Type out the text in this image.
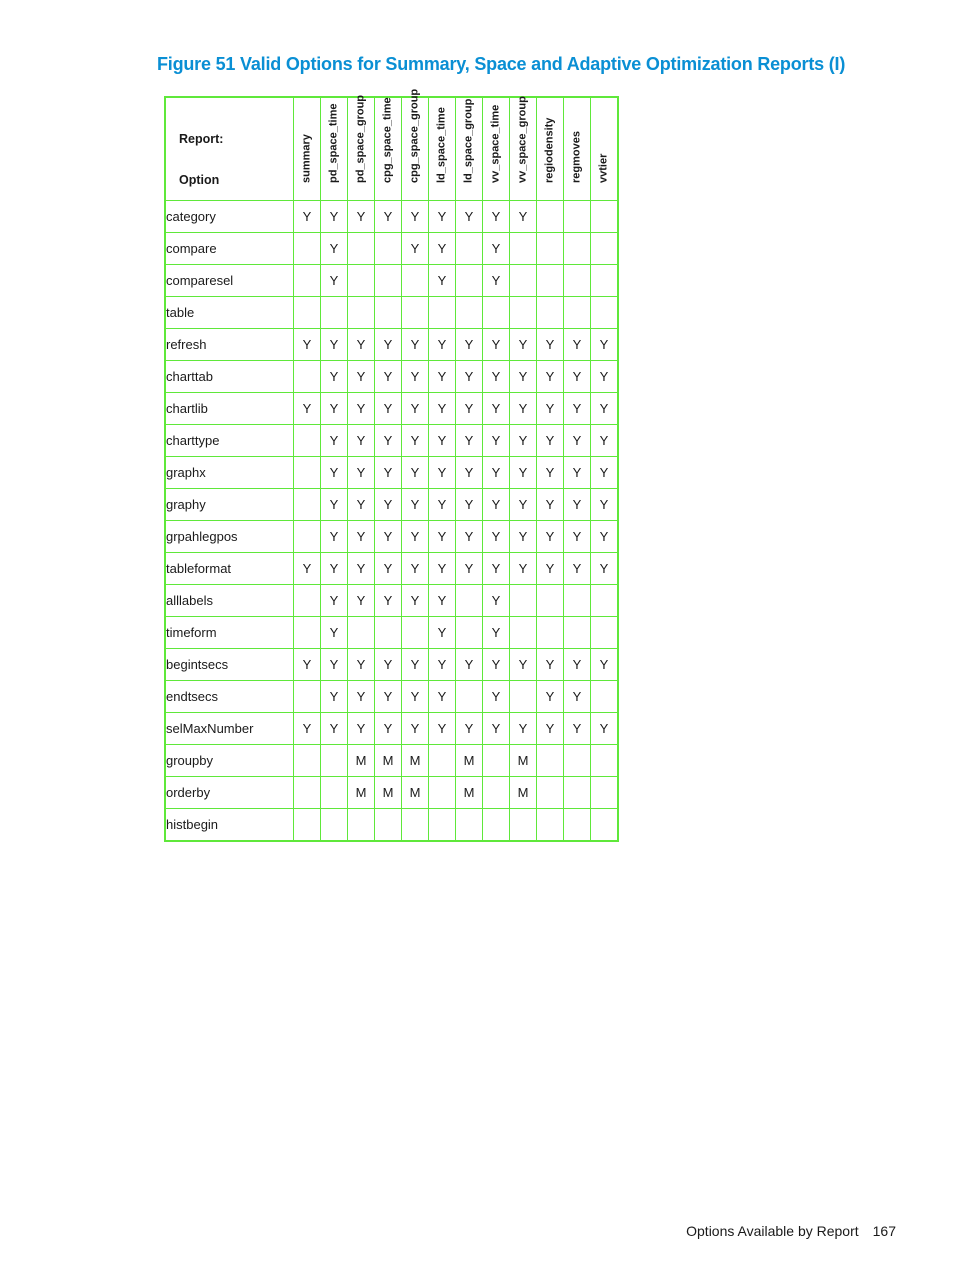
Figure 51 Valid Options for Summary, Space and Adaptive Optimization Reports (I)
Report:
Option	summary	pd_space_time	pd_space_group	cpg_space_time	cpg_space_group	ld_space_time	ld_space_group	vv_space_time	vv_space_group	regiodensity	regmoves	vvtier

category	Y	Y	Y	Y	Y	Y	Y	Y	Y			
compare		Y			Y	Y		Y				
comparesel		Y				Y		Y				
table												
refresh	Y	Y	Y	Y	Y	Y	Y	Y	Y	Y	Y	Y
charttab		Y	Y	Y	Y	Y	Y	Y	Y	Y	Y	Y
chartlib	Y	Y	Y	Y	Y	Y	Y	Y	Y	Y	Y	Y
charttype		Y	Y	Y	Y	Y	Y	Y	Y	Y	Y	Y
graphx		Y	Y	Y	Y	Y	Y	Y	Y	Y	Y	Y
graphy		Y	Y	Y	Y	Y	Y	Y	Y	Y	Y	Y
grpahlegpos		Y	Y	Y	Y	Y	Y	Y	Y	Y	Y	Y
tableformat	Y	Y	Y	Y	Y	Y	Y	Y	Y	Y	Y	Y
alllabels		Y	Y	Y	Y	Y		Y				
timeform		Y				Y		Y				
begintsecs	Y	Y	Y	Y	Y	Y	Y	Y	Y	Y	Y	Y
endtsecs		Y	Y	Y	Y	Y		Y		Y	Y	
selMaxNumber	Y	Y	Y	Y	Y	Y	Y	Y	Y	Y	Y	Y
groupby			M	M	M		M		M			
orderby			M	M	M		M		M			
histbegin												
Options Available by Report 167
